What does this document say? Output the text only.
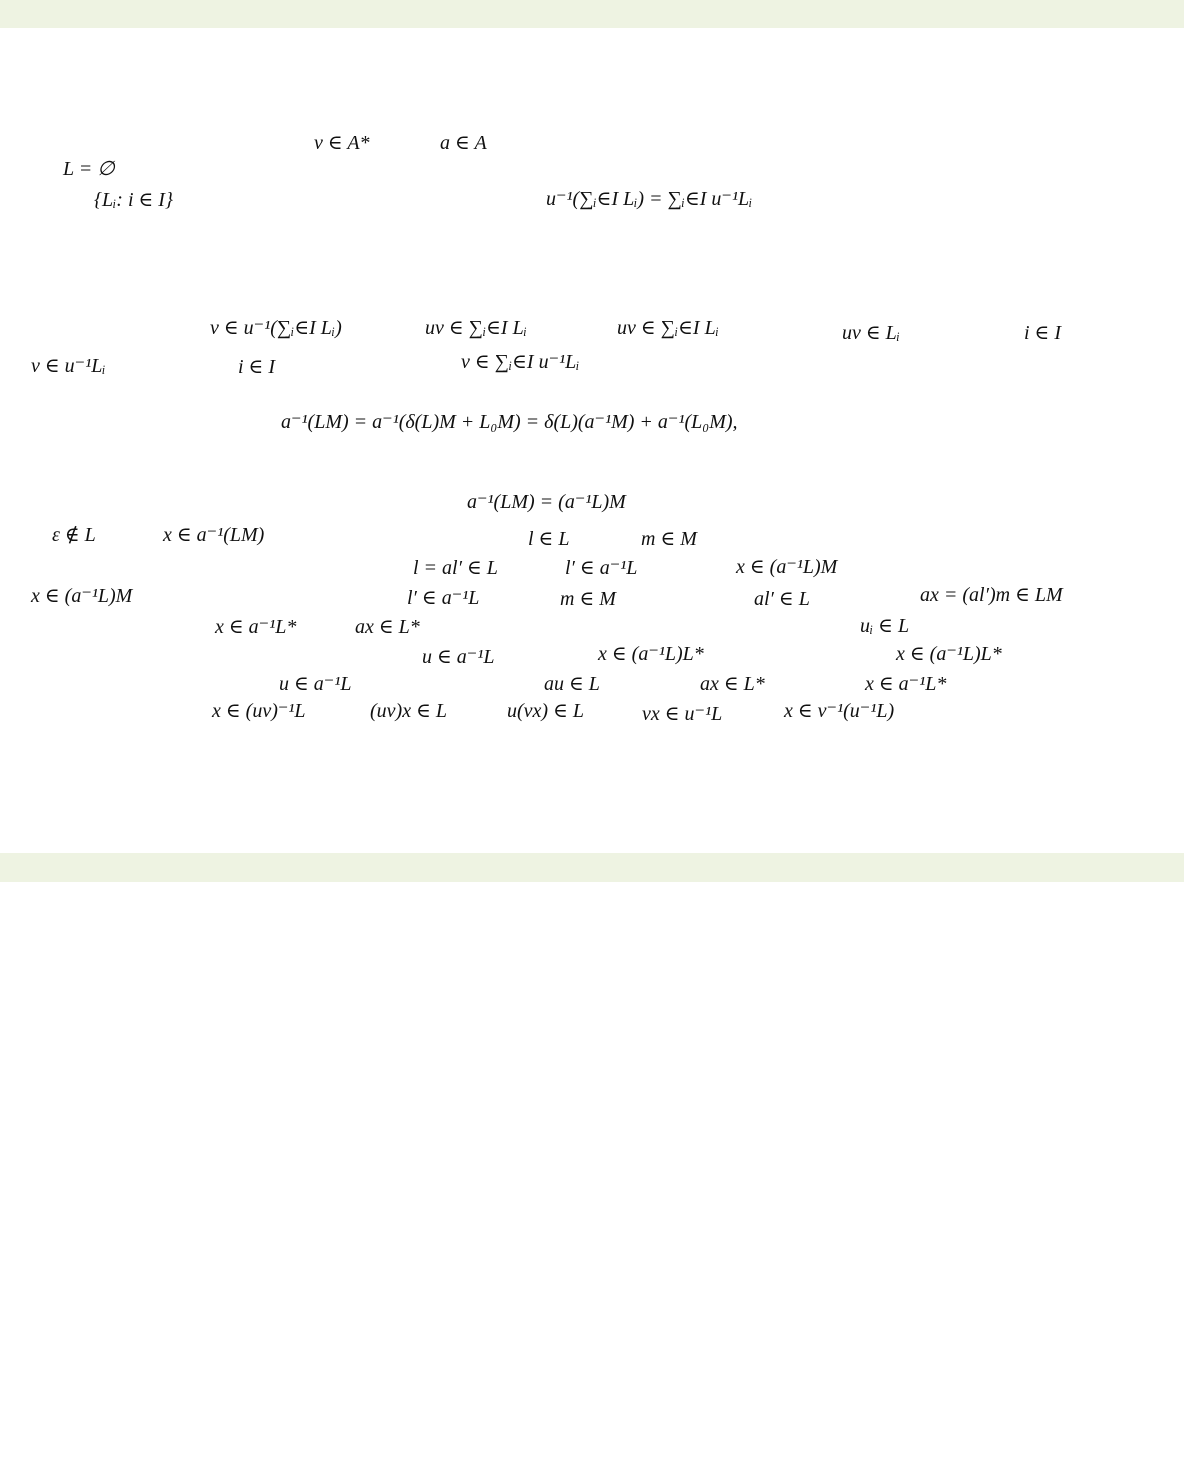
v ∈ A*	a ∈ A
L = ∅
{Lᵢ: i ∈ I}	u⁻¹(∑ᵢ∈I Lᵢ) = ∑ᵢ∈I u⁻¹Lᵢ
v ∈ u⁻¹(∑ᵢ∈I Lᵢ)	uv ∈ ∑ᵢ∈I Lᵢ	uv ∈ ∑ᵢ∈I Lᵢ	uv ∈ Lᵢ	i ∈ I
v ∈ u⁻¹Lᵢ	i ∈ I	v ∈ ∑ᵢ∈I u⁻¹Lᵢ
a⁻¹(LM) = a⁻¹(δ(L)M + L₀M) = δ(L)(a⁻¹M) + a⁻¹(L₀M),
a⁻¹(LM) = (a⁻¹L)M
ε ∉ L	x ∈ a⁻¹(LM)	l ∈ L	m ∈ M
l = al′ ∈ L	l′ ∈ a⁻¹L	x ∈ (a⁻¹L)M
x ∈ (a⁻¹L)M	l′ ∈ a⁻¹L	m ∈ M	al′ ∈ L	ax = (al′)m ∈ LM
x ∈ a⁻¹L*	ax ∈ L*	uᵢ ∈ L
u ∈ a⁻¹L	x ∈ (a⁻¹L)L*	x ∈ (a⁻¹L)L*
u ∈ a⁻¹L	au ∈ L	ax ∈ L*	x ∈ a⁻¹L*
x ∈ (uv)⁻¹L	(uv)x ∈ L	u(vx) ∈ L	vx ∈ u⁻¹L	x ∈ v⁻¹(u⁻¹L)
